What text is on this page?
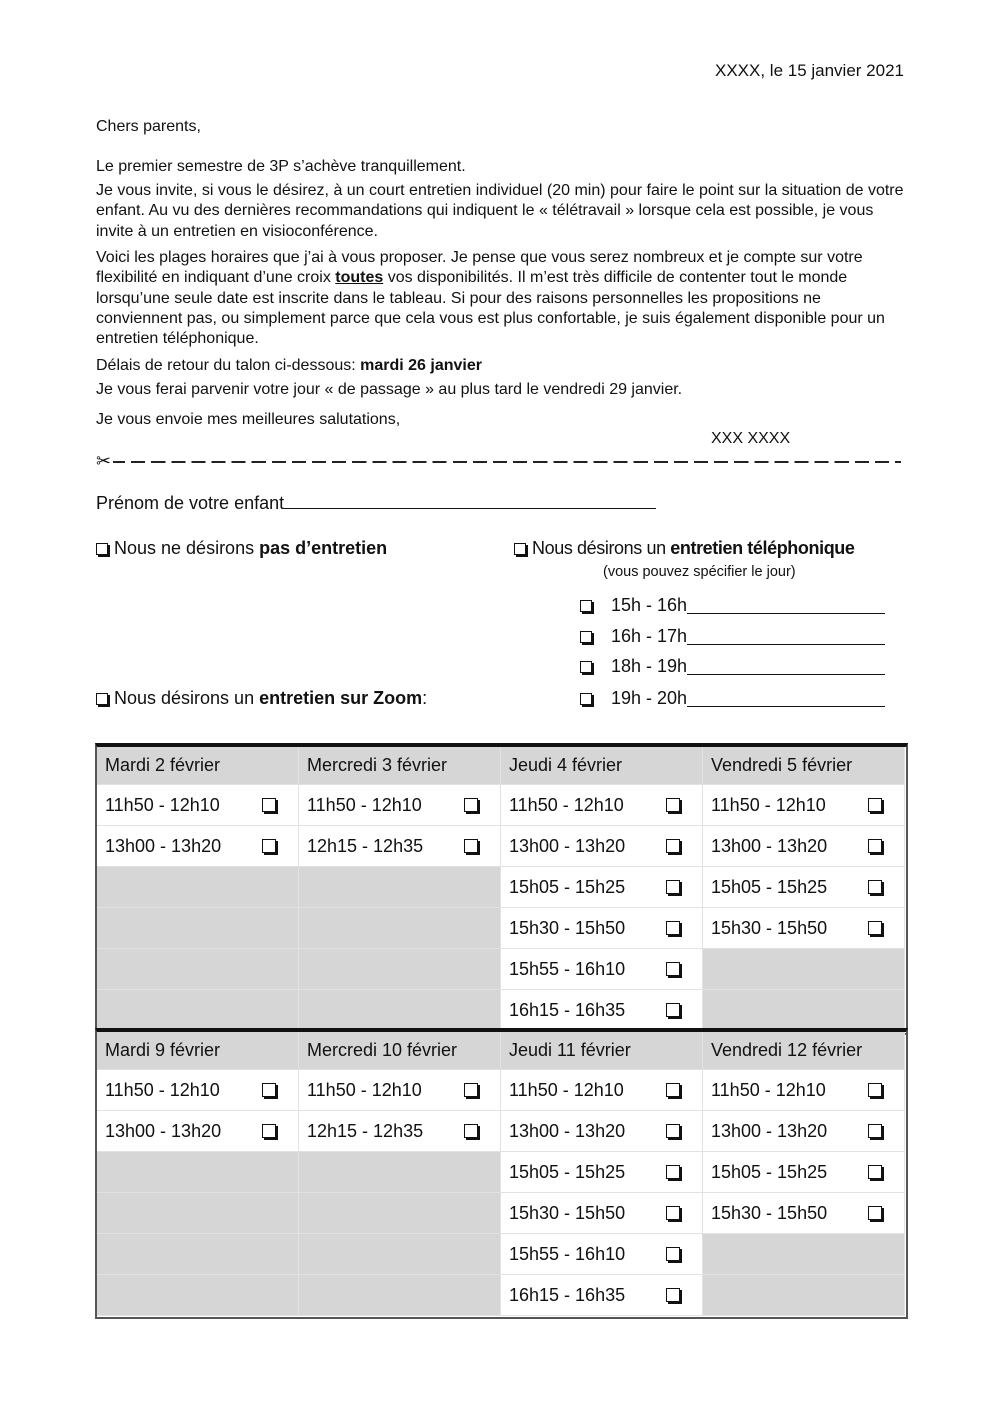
XXXX, le 15 janvier 2021
Chers parents,
Le premier semestre de 3P s’achève tranquillement.
Je vous invite, si vous le désirez, à un court entretien individuel (20 min) pour faire le point sur la situation de votre enfant. Au vu des dernières recommandations qui indiquent le « télétravail » lorsque cela est possible, je vous invite à un entretien en visioconférence.
Voici les plages horaires que j’ai à vous proposer. Je pense que vous serez nombreux et je compte sur votre flexibilité en indiquant d’une croix toutes vos disponibilités. Il m’est très difficile de contenter tout le monde lorsqu’une seule date est inscrite dans le tableau. Si pour des raisons personnelles les propositions ne conviennent pas, ou simplement parce que cela vous est plus confortable, je suis également disponible pour un entretien téléphonique.
Délais de retour du talon ci-dessous: mardi 26 janvier
Je vous ferai parvenir votre jour « de passage » au plus tard le vendredi 29 janvier.
Je vous envoie mes meilleures salutations,
XXX XXXX
✂
Prénom de votre enfant
Nous ne désirons pas d’entretien	Nous désirons un entretien téléphonique
(vous pouvez spécifier le jour)
15h - 16h
16h - 17h
18h - 19h
19h - 20h
Nous désirons un entretien sur Zoom :
Mardi 2 février	Mercredi 3 février	Jeudi 4 février	Vendredi 5 février

11h50 - 12h10	11h50 - 12h10	11h50 - 12h10	11h50 - 12h10

13h00 - 13h20	12h15 - 12h35	13h00 - 13h20	13h00 - 13h20

		15h05 - 15h25	15h05 - 15h25

		15h30 - 15h50	15h30 - 15h50

		15h55 - 16h10	

		16h15 - 16h35	

Mardi 9 février	Mercredi 10 février	Jeudi 11 février	Vendredi 12 février

11h50 - 12h10	11h50 - 12h10	11h50 - 12h10	11h50 - 12h10

13h00 - 13h20	12h15 - 12h35	13h00 - 13h20	13h00 - 13h20

		15h05 - 15h25	15h05 - 15h25

		15h30 - 15h50	15h30 - 15h50

		15h55 - 16h10	

		16h15 - 16h35	
